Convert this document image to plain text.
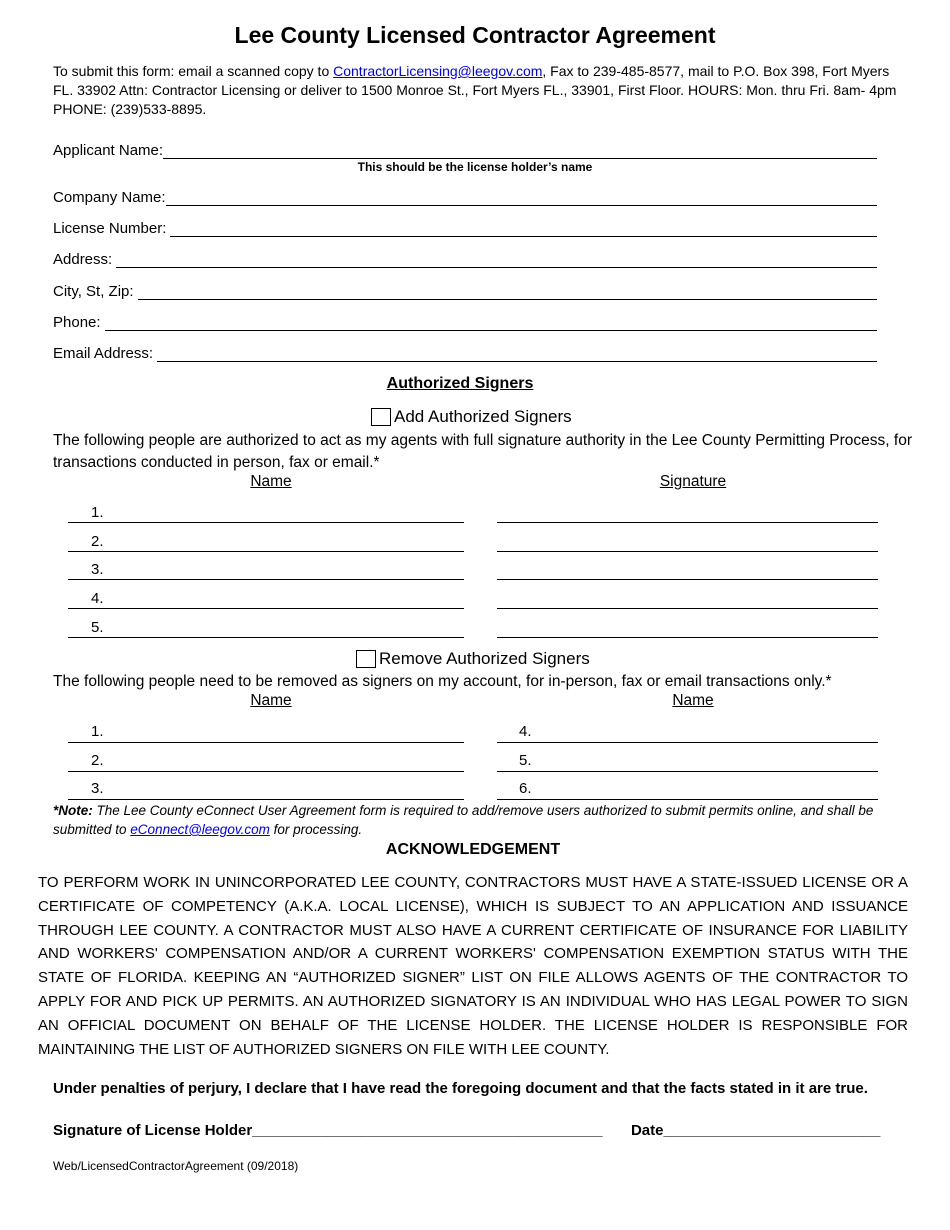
Lee County Licensed Contractor Agreement
To submit this form: email a scanned copy to ContractorLicensing@leegov.com, Fax to 239-485-8577, mail to P.O. Box 398, Fort Myers FL. 33902 Attn: Contractor Licensing or deliver to 1500 Monroe St., Fort Myers FL., 33901, First Floor. HOURS: Mon. thru Fri. 8am- 4pm PHONE: (239)533-8895.
Applicant Name:
This should be the license holder’s name
Company Name:
License Number:
Address:
City, St, Zip:
Phone:
Email Address:
Authorized Signers
Add Authorized Signers
The following people are authorized to act as my agents with full signature authority in the Lee County Permitting Process, for transactions conducted in person, fax or email.*
Name	Signature
1.
2.
3.
4.
5.
Remove Authorized Signers
The following people need to be removed as signers on my account, for in-person, fax or email transactions only.*
Name	Name
1.	4.
2.	5.
3.	6.
*Note: The Lee County eConnect User Agreement form is required to add/remove users authorized to submit permits online, and shall be submitted to eConnect@leegov.com for processing.
ACKNOWLEDGEMENT
TO PERFORM WORK IN UNINCORPORATED LEE COUNTY, CONTRACTORS MUST HAVE A STATE-ISSUED LICENSE OR A CERTIFICATE OF COMPETENCY (A.K.A. LOCAL LICENSE), WHICH IS SUBJECT TO AN APPLICATION AND ISSUANCE THROUGH LEE COUNTY. A CONTRACTOR MUST ALSO HAVE A CURRENT CERTIFICATE OF INSURANCE FOR LIABILITY AND WORKERS' COMPENSATION AND/OR A CURRENT WORKERS' COMPENSATION EXEMPTION STATUS WITH THE STATE OF FLORIDA. KEEPING AN “AUTHORIZED SIGNER” LIST ON FILE ALLOWS AGENTS OF THE CONTRACTOR TO APPLY FOR AND PICK UP PERMITS. AN AUTHORIZED SIGNATORY IS AN INDIVIDUAL WHO HAS LEGAL POWER TO SIGN AN OFFICIAL DOCUMENT ON BEHALF OF THE LICENSE HOLDER. THE LICENSE HOLDER IS RESPONSIBLE FOR MAINTAINING THE LIST OF AUTHORIZED SIGNERS ON FILE WITH LEE COUNTY.
Under penalties of perjury, I declare that I have read the foregoing document and that the facts stated in it are true.
Signature of License Holder__________________________________________ Date__________________________
Web/LicensedContractorAgreement (09/2018)
